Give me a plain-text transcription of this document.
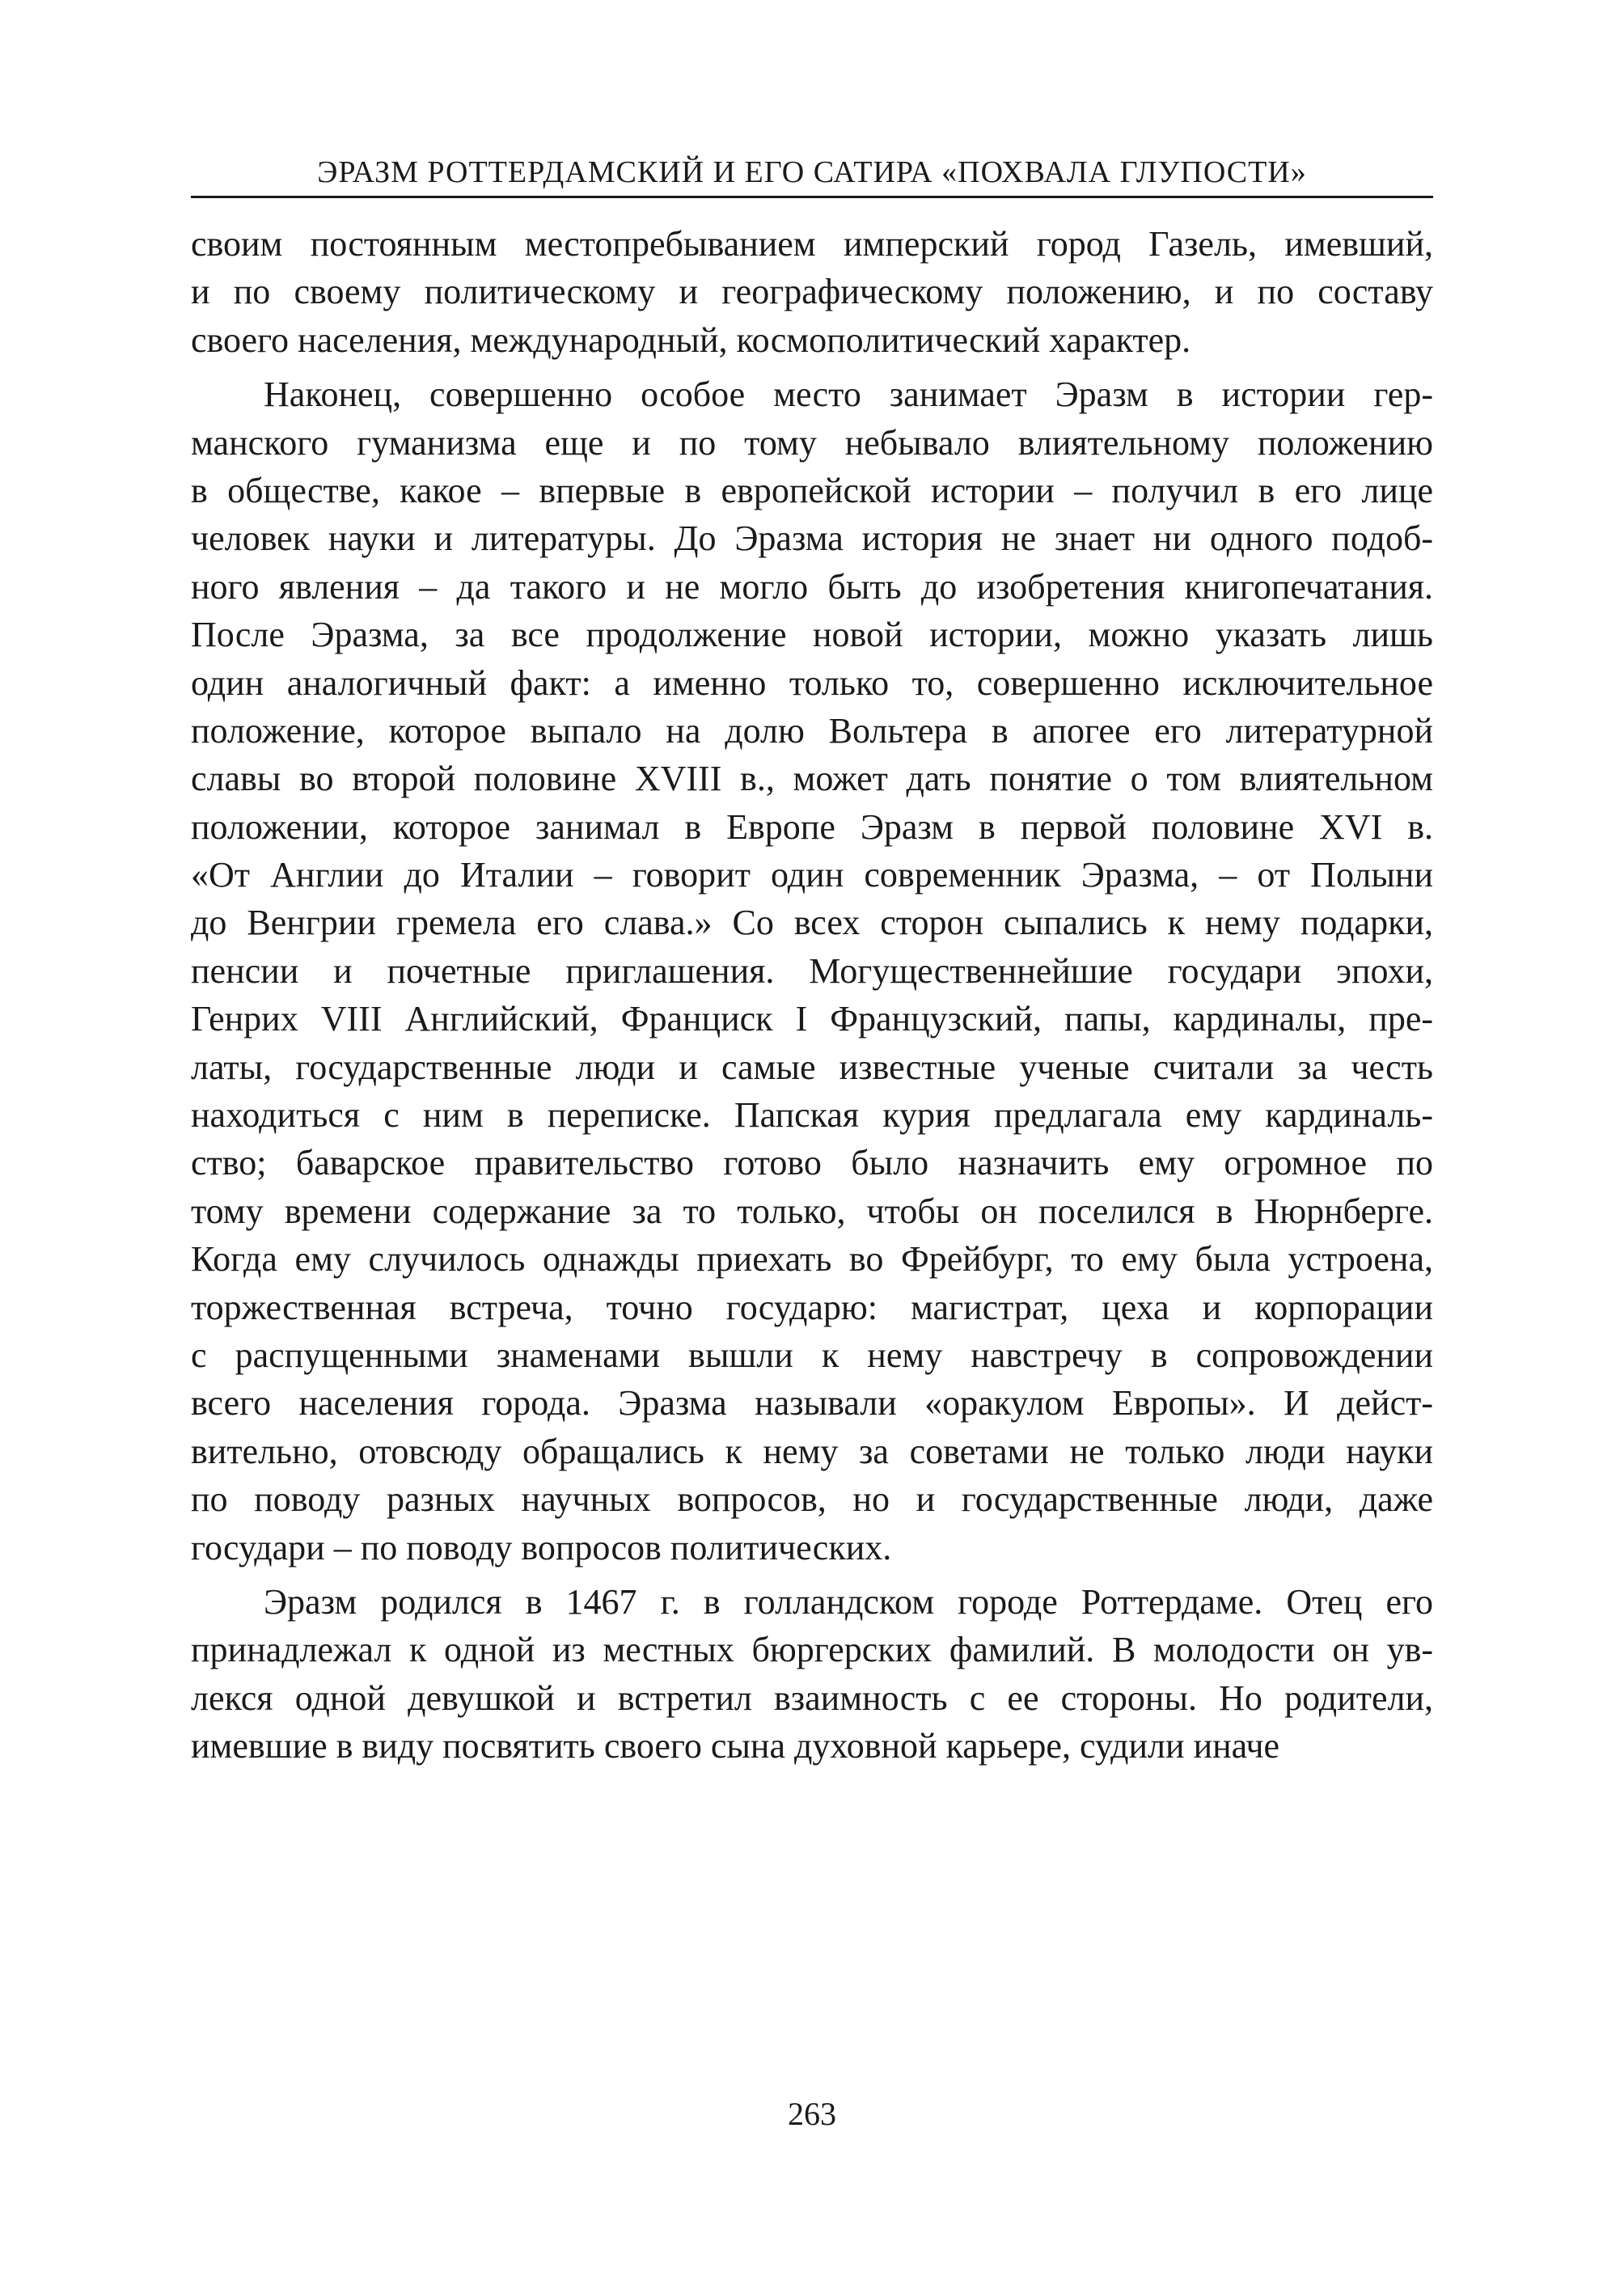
ЭРАЗМ РОТТЕРДАМСКИЙ И ЕГО САТИРА «ПОХВАЛА ГЛУПОСТИ»
своим постоянным местопребыванием имперский город Газель, имевший,
и по своему политическому и географическому положению, и по составу
своего населения, международный, космополитический характер.
Наконец, совершенно особое место занимает Эразм в истории гер-
манского гуманизма еще и по тому небывало влиятельному положению
в обществе, какое – впервые в европейской истории – получил в его лице
человек науки и литературы. До Эразма история не знает ни одного подоб-
ного явления – да такого и не могло быть до изобретения книгопечатания.
После Эразма, за все продолжение новой истории, можно указать лишь
один аналогичный факт: а именно только то, совершенно исключительное
положение, которое выпало на долю Вольтера в апогее его литературной
славы во второй половине XVIII в., может дать понятие о том влиятельном
положении, которое занимал в Европе Эразм в первой половине XVI в.
«От Англии до Италии – говорит один современник Эразма, – от Полыни
до Венгрии гремела его слава.» Со всех сторон сыпались к нему подарки,
пенсии и почетные приглашения. Могущественнейшие государи эпохи,
Генрих VIII Английский, Франциск I Французский, папы, кардиналы, пре-
латы, государственные люди и самые известные ученые считали за честь
находиться с ним в переписке. Папская курия предлагала ему кардиналь-
ство; баварское правительство готово было назначить ему огромное по
тому времени содержание за то только, чтобы он поселился в Нюрнберге.
Когда ему случилось однажды приехать во Фрейбург, то ему была устроена,
торжественная встреча, точно государю: магистрат, цеха и корпорации
с распущенными знаменами вышли к нему навстречу в сопровождении
всего населения города. Эразма называли «оракулом Европы». И дейст-
вительно, отовсюду обращались к нему за советами не только люди науки
по поводу разных научных вопросов, но и государственные люди, даже
государи – по поводу вопросов политических.
Эразм родился в 1467 г. в голландском городе Роттердаме. Отец его
принадлежал к одной из местных бюргерских фамилий. В молодости он ув-
лекся одной девушкой и встретил взаимность с ее стороны. Но родители,
имевшие в виду посвятить своего сына духовной карьере, судили иначе
263
